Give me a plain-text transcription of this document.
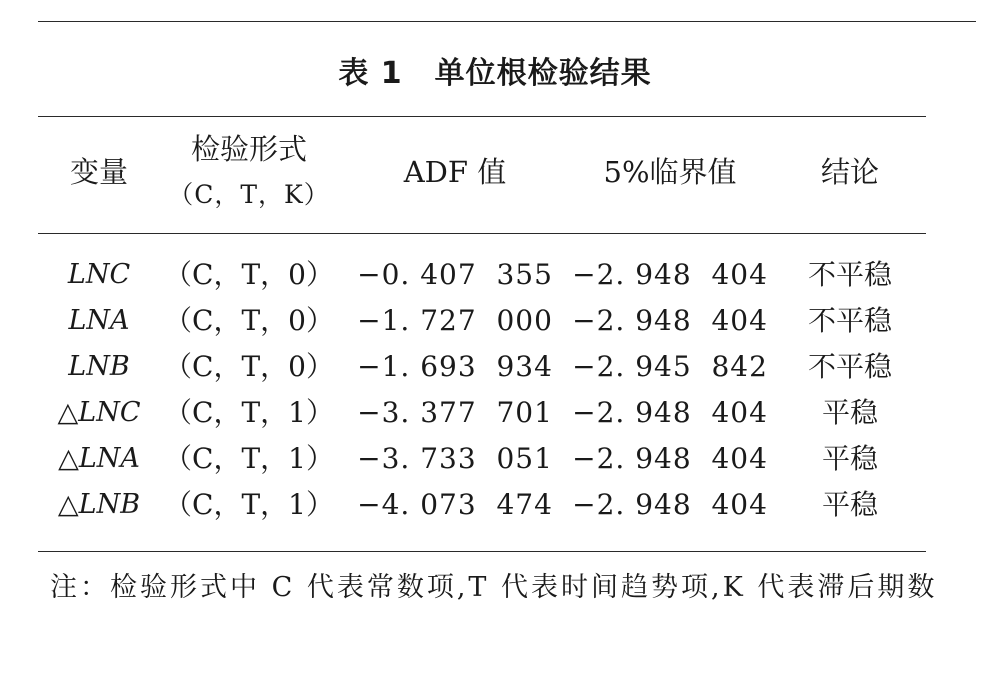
表 1 单位根检验结果
变量
检验形式
（C，T，K）
ADF 值	5%临界值	结论
LNC （C，T，0） −0. 407  355 −2. 948  404 不平稳
LNA （C，T，0） −1. 727  000 −2. 948  404 不平稳
LNB （C，T，0） −1. 693  934 −2. 945  842 不平稳
△LNC （C，T，1） −3. 377  701 −2. 948  404 平稳
△LNA （C，T，1） −3. 733  051 −2. 948  404 平稳
△LNB （C，T，1） −4. 073  474 −2. 948  404 平稳
注：检验形式中 C 代表常数项,T 代表时间趋势项,K 代表滞后期数
